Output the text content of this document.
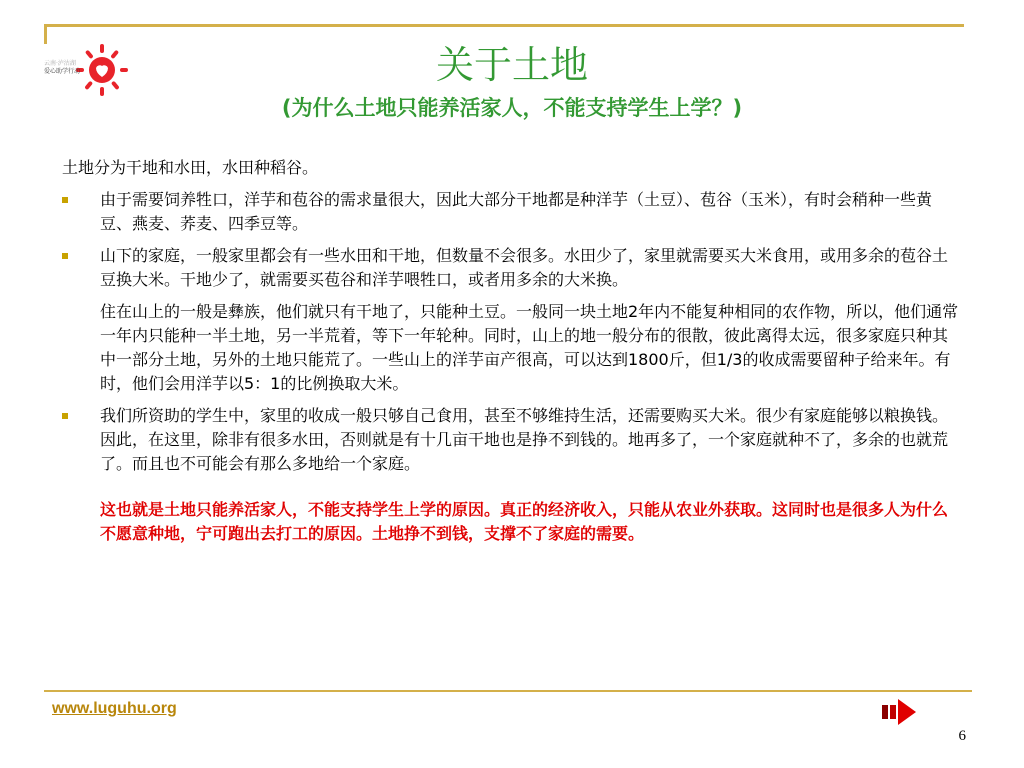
云南·泸沽湖
爱心助学行动	关于土地
(为什么土地只能养活家人，不能支持学生上学？)
土地分为干地和水田，水田种稻谷。
由于需要饲养牲口，洋芋和苞谷的需求量很大，因此大部分干地都是种洋芋（土豆）、苞谷（玉米），有时会稍种一些黄豆、燕麦、荞麦、四季豆等。
山下的家庭，一般家里都会有一些水田和干地，但数量不会很多。水田少了，家里就需要买大米食用，或用多余的苞谷土豆换大米。干地少了，就需要买苞谷和洋芋喂牲口，或者用多余的大米换。
住在山上的一般是彝族，他们就只有干地了，只能种土豆。一般同一块土地2年内不能复种相同的农作物，所以，他们通常一年内只能种一半土地，另一半荒着，等下一年轮种。同时，山上的地一般分布的很散，彼此离得太远，很多家庭只种其中一部分土地，另外的土地只能荒了。一些山上的洋芋亩产很高，可以达到1800斤，但1/3的收成需要留种子给来年。有时，他们会用洋芋以5：1的比例换取大米。
我们所资助的学生中，家里的收成一般只够自己食用，甚至不够维持生活，还需要购买大米。很少有家庭能够以粮换钱。因此，在这里，除非有很多水田，否则就是有十几亩干地也是挣不到钱的。地再多了，一个家庭就种不了，多余的也就荒了。而且也不可能会有那么多地给一个家庭。
这也就是土地只能养活家人，不能支持学生上学的原因。真正的经济收入，只能从农业外获取。这同时也是很多人为什么不愿意种地，宁可跑出去打工的原因。土地挣不到钱，支撑不了家庭的需要。
www.luguhu.org
6
